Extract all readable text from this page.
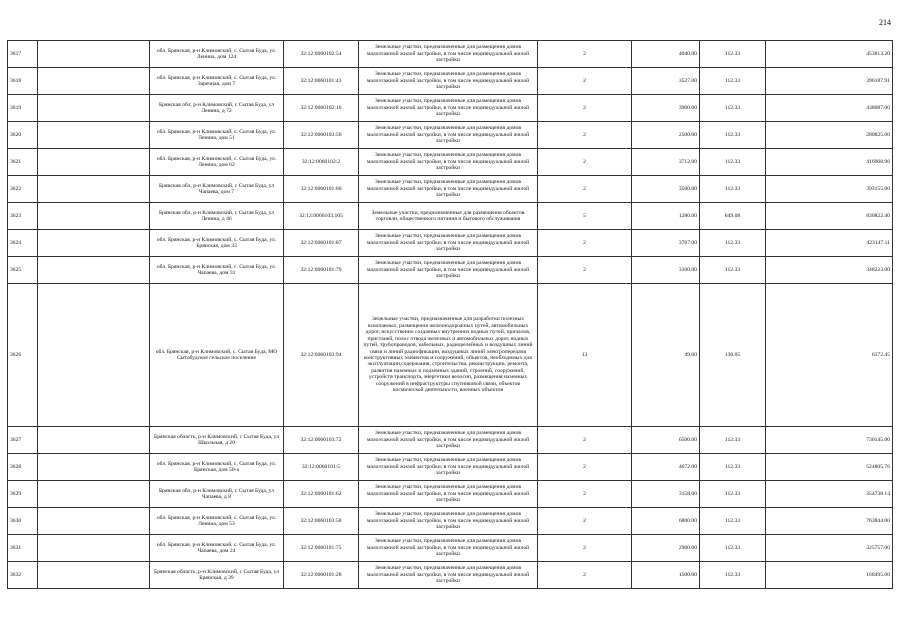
214
3617		обл. Брянская, р-н Климовский, с. Сытая Буда, ул. Ленина, дом 124	32:12:0060102:54	Земельные участки, предназначенные для размещения домов малоэтажной жилой застройки, в том числе индивидуальной жилой застройки	2	4040.00	112.33	453813.20
3618		обл. Брянская, р-н Климовский, с. Сытая Буда, ул. Заречная, дом 7	32:12:0060101:43	Земельные участки, предназначенные для размещения домов малоэтажной жилой застройки, в том числе индивидуальной жилой застройки	2	3527.00	112.33	396187.91
3619		Брянская обл, р-н Климовский, с Сытая Буда, ул Ленина, д 72	32:12:0060102:16	Земельные участки, предназначенные для размещения домов малоэтажной жилой застройки, в том числе индивидуальной жилой застройки	2	3900.00	112.33	438087.00
3620		обл. Брянская, р-н Климовский, с. Сытая Буда, ул. Ленина, дом 51	32:12:0060103:56	Земельные участки, предназначенные для размещения домов малоэтажной жилой застройки, в том числе индивидуальной жилой застройки	2	2500.00	112.33	280825.00
3621		обл. Брянская, р-н Климовский, с. Сытая Буда, ул. Ленина, дом 62	32:12:0060102:2	Земельные участки, предназначенные для размещения домов малоэтажной жилой застройки, в том числе индивидуальной жилой застройки	2	3712.00	112.33	416968.96
3622		Брянская обл, р-н Климовский, с Сытая Буда, ул Чапаева, дом 7	32:12:0060101:60	Земельные участки, предназначенные для размещения домов малоэтажной жилой застройки, в том числе индивидуальной жилой застройки	2	3500.00	112.33	393155.00
3623		Брянская обл, р-н Климовский, с Сытая Буда, ул Ленина, д 46	32:12:0060103:105	Земельные участки, предназначенные для размещения объектов торговли, общественного питания и бытового обслуживания	5	1280.00	649.08	830822.40
3624		обл. Брянская, р-н Климовский, с. Сытая Буда, ул. Брянская, дом 33	32:12:0060101:87	Земельные участки, предназначенные для размещения домов малоэтажной жилой застройки, в том числе индивидуальной жилой застройки	2	3767.00	112.33	423147.11
3625		обл. Брянская, р-н Климовский, с. Сытая Буда, ул. Чапаева, дом 31	32:12:0060101:79	Земельные участки, предназначенные для размещения домов малоэтажной жилой застройки, в том числе индивидуальной жилой застройки	2	3100.00	112.33	348223.00
3626		обл. Брянская, р-н Климовский, с. Сытая Буда, МО Сытобудское сельское поселение	32:12:0060103:94	Земельные участки, предназначенные для разработки полезных ископаемых, размещения железнодорожных путей, автомобильных дорог, искусственно созданных внутренних водных путей, причалов, пристаней, полос отвода железных и автомобильных дорог, водных путей, трубопроводов, кабельных, радиорелейных и воздушных линий связи и линий радиофикации, воздушных линий электропередачи конструктивных элементов и сооружений, объектов, необходимых для эксплуатации,содержания, строительства, реконструкции, ремонта, развития наземных и подземных зданий, строений, сооружений, устройств транспорта, энергетики велосип, размещения наземных сооружений в инфраструктуры спутниковой связи, объектов космической деятельности, военных объектов	13	49.00	130.05	6372.45
3627		Брянская область, р-н Климовский, с Сытая Буда, ул Школьная, д 20	32:12:0060103:72	Земельные участки, предназначенные для размещения домов малоэтажной жилой застройки, в том числе индивидуальной жилой застройки	2	6500.00	112.33	730145.00
3628		обл. Брянская, р-н Климовский, с. Сытая Буда, ул. Брянская, дом 50-а	32:12:0060101:5	Земельные участки, предназначенные для размещения домов малоэтажной жилой застройки, в том числе индивидуальной жилой застройки	2	4672.00	112.33	524805.76
3629		Брянская обл, р-н Климовский, с Сытая Буда, ул Чапаева, д 8	32:12:0060101:62	Земельные участки, предназначенные для размещения домов малоэтажной жилой застройки, в том числе индивидуальной жилой застройки	2	3158.00	112.33	354738.14
3630		обл. Брянская, р-н Климовский, с. Сытая Буда, ул. Ленина, дом 53	32:12:0060103:58	Земельные участки, предназначенные для размещения домов малоэтажной жилой застройки, в том числе индивидуальной жилой застройки	2	6800.00	112.33	763844.00
3631		обл. Брянская, р-н Климовский, с. Сытая Буда, ул. Чапаева, дом 24	32:12:0060101:75	Земельные участки, предназначенные для размещения домов малоэтажной жилой застройки, в том числе индивидуальной жилой застройки	2	2900.00	112.33	325757.00
3632		Брянская область, р-н Климовский, с Сытая Буда, ул Брянская, д 39	32:12:0060101:28	Земельные участки, предназначенные для размещения домов малоэтажной жилой застройки, в том числе индивидуальной жилой застройки	2	1500.00	112.33	168495.00
